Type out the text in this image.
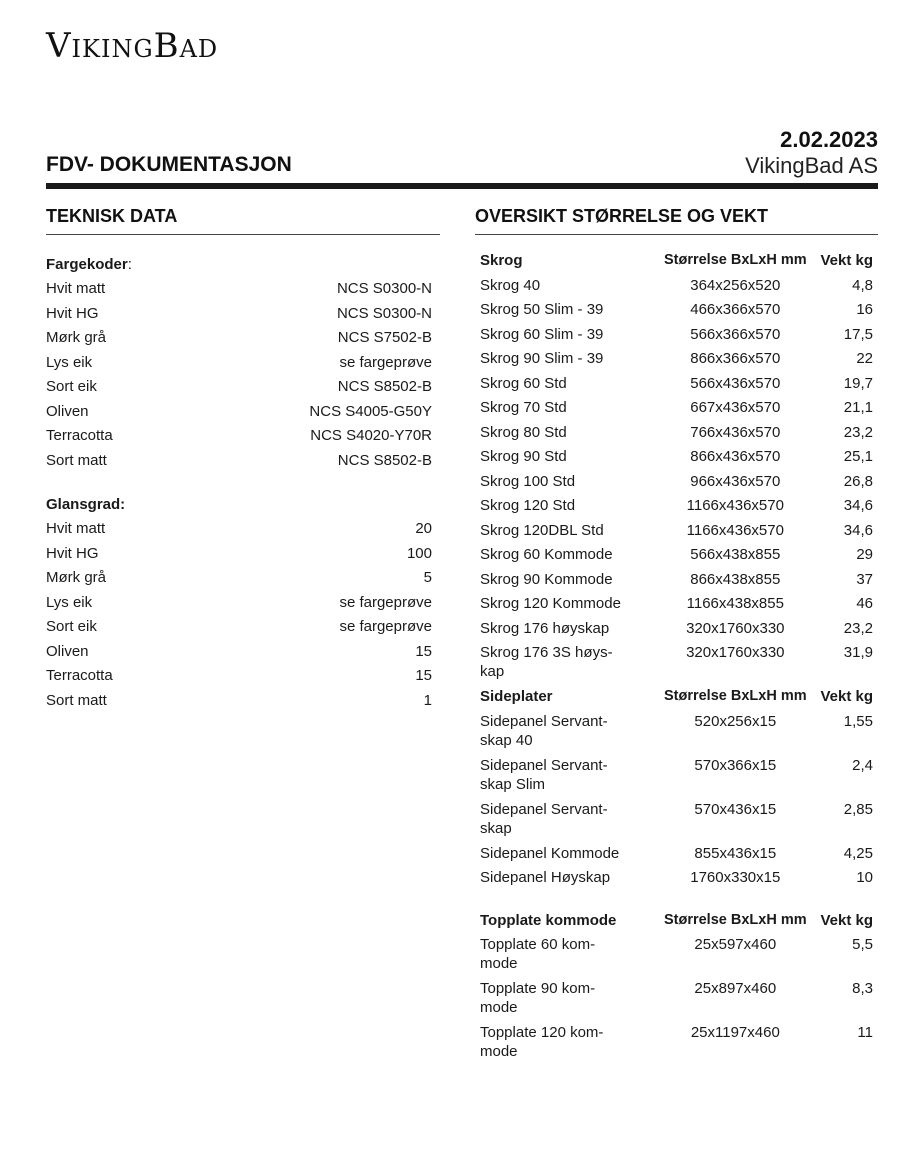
VikingBad
FDV- DOKUMENTASJON
2.02.2023
VikingBad AS
TEKNISK DATA
Fargekoder:
Hvit matt	NCS S0300-N
Hvit HG	NCS S0300-N
Mørk grå	NCS S7502-B
Lys eik	se fargeprøve
Sort eik	NCS S8502-B
Oliven	NCS S4005-G50Y
Terracotta	NCS S4020-Y70R
Sort matt	NCS S8502-B
Glansgrad:
Hvit matt	20
Hvit HG	100
Mørk grå	5
Lys eik	se fargeprøve
Sort eik	se fargeprøve
Oliven	15
Terracotta	15
Sort matt	1
OVERSIKT STØRRELSE OG VEKT
Skrog	Størrelse BxLxH mm	Vekt kg
Skrog 40	364x256x520	4,8
Skrog 50 Slim - 39	466x366x570	16
Skrog 60 Slim - 39	566x366x570	17,5
Skrog 90 Slim - 39	866x366x570	22
Skrog 60 Std	566x436x570	19,7
Skrog 70 Std	667x436x570	21,1
Skrog 80 Std	766x436x570	23,2
Skrog 90 Std	866x436x570	25,1
Skrog 100 Std	966x436x570	26,8
Skrog 120 Std	1166x436x570	34,6
Skrog 120DBL Std	1166x436x570	34,6
Skrog 60 Kommode	566x438x855	29
Skrog 90 Kommode	866x438x855	37
Skrog 120 Kommode	1166x438x855	46
Skrog 176 høyskap	320x1760x330	23,2
Skrog 176 3S høys-
kap	320x1760x330	31,9
Sideplater	Størrelse BxLxH mm	Vekt kg
Sidepanel Servant-
skap 40	520x256x15	1,55
Sidepanel Servant-
skap Slim	570x366x15	2,4
Sidepanel Servant-
skap	570x436x15	2,85
Sidepanel Kommode	855x436x15	4,25
Sidepanel Høyskap	1760x330x15	10

Topplate kommode	Størrelse BxLxH mm	Vekt kg
Topplate 60 kom-
mode	25x597x460	5,5
Topplate 90 kom-
mode	25x897x460	8,3
Topplate 120 kom-
mode	25x1197x460	11
